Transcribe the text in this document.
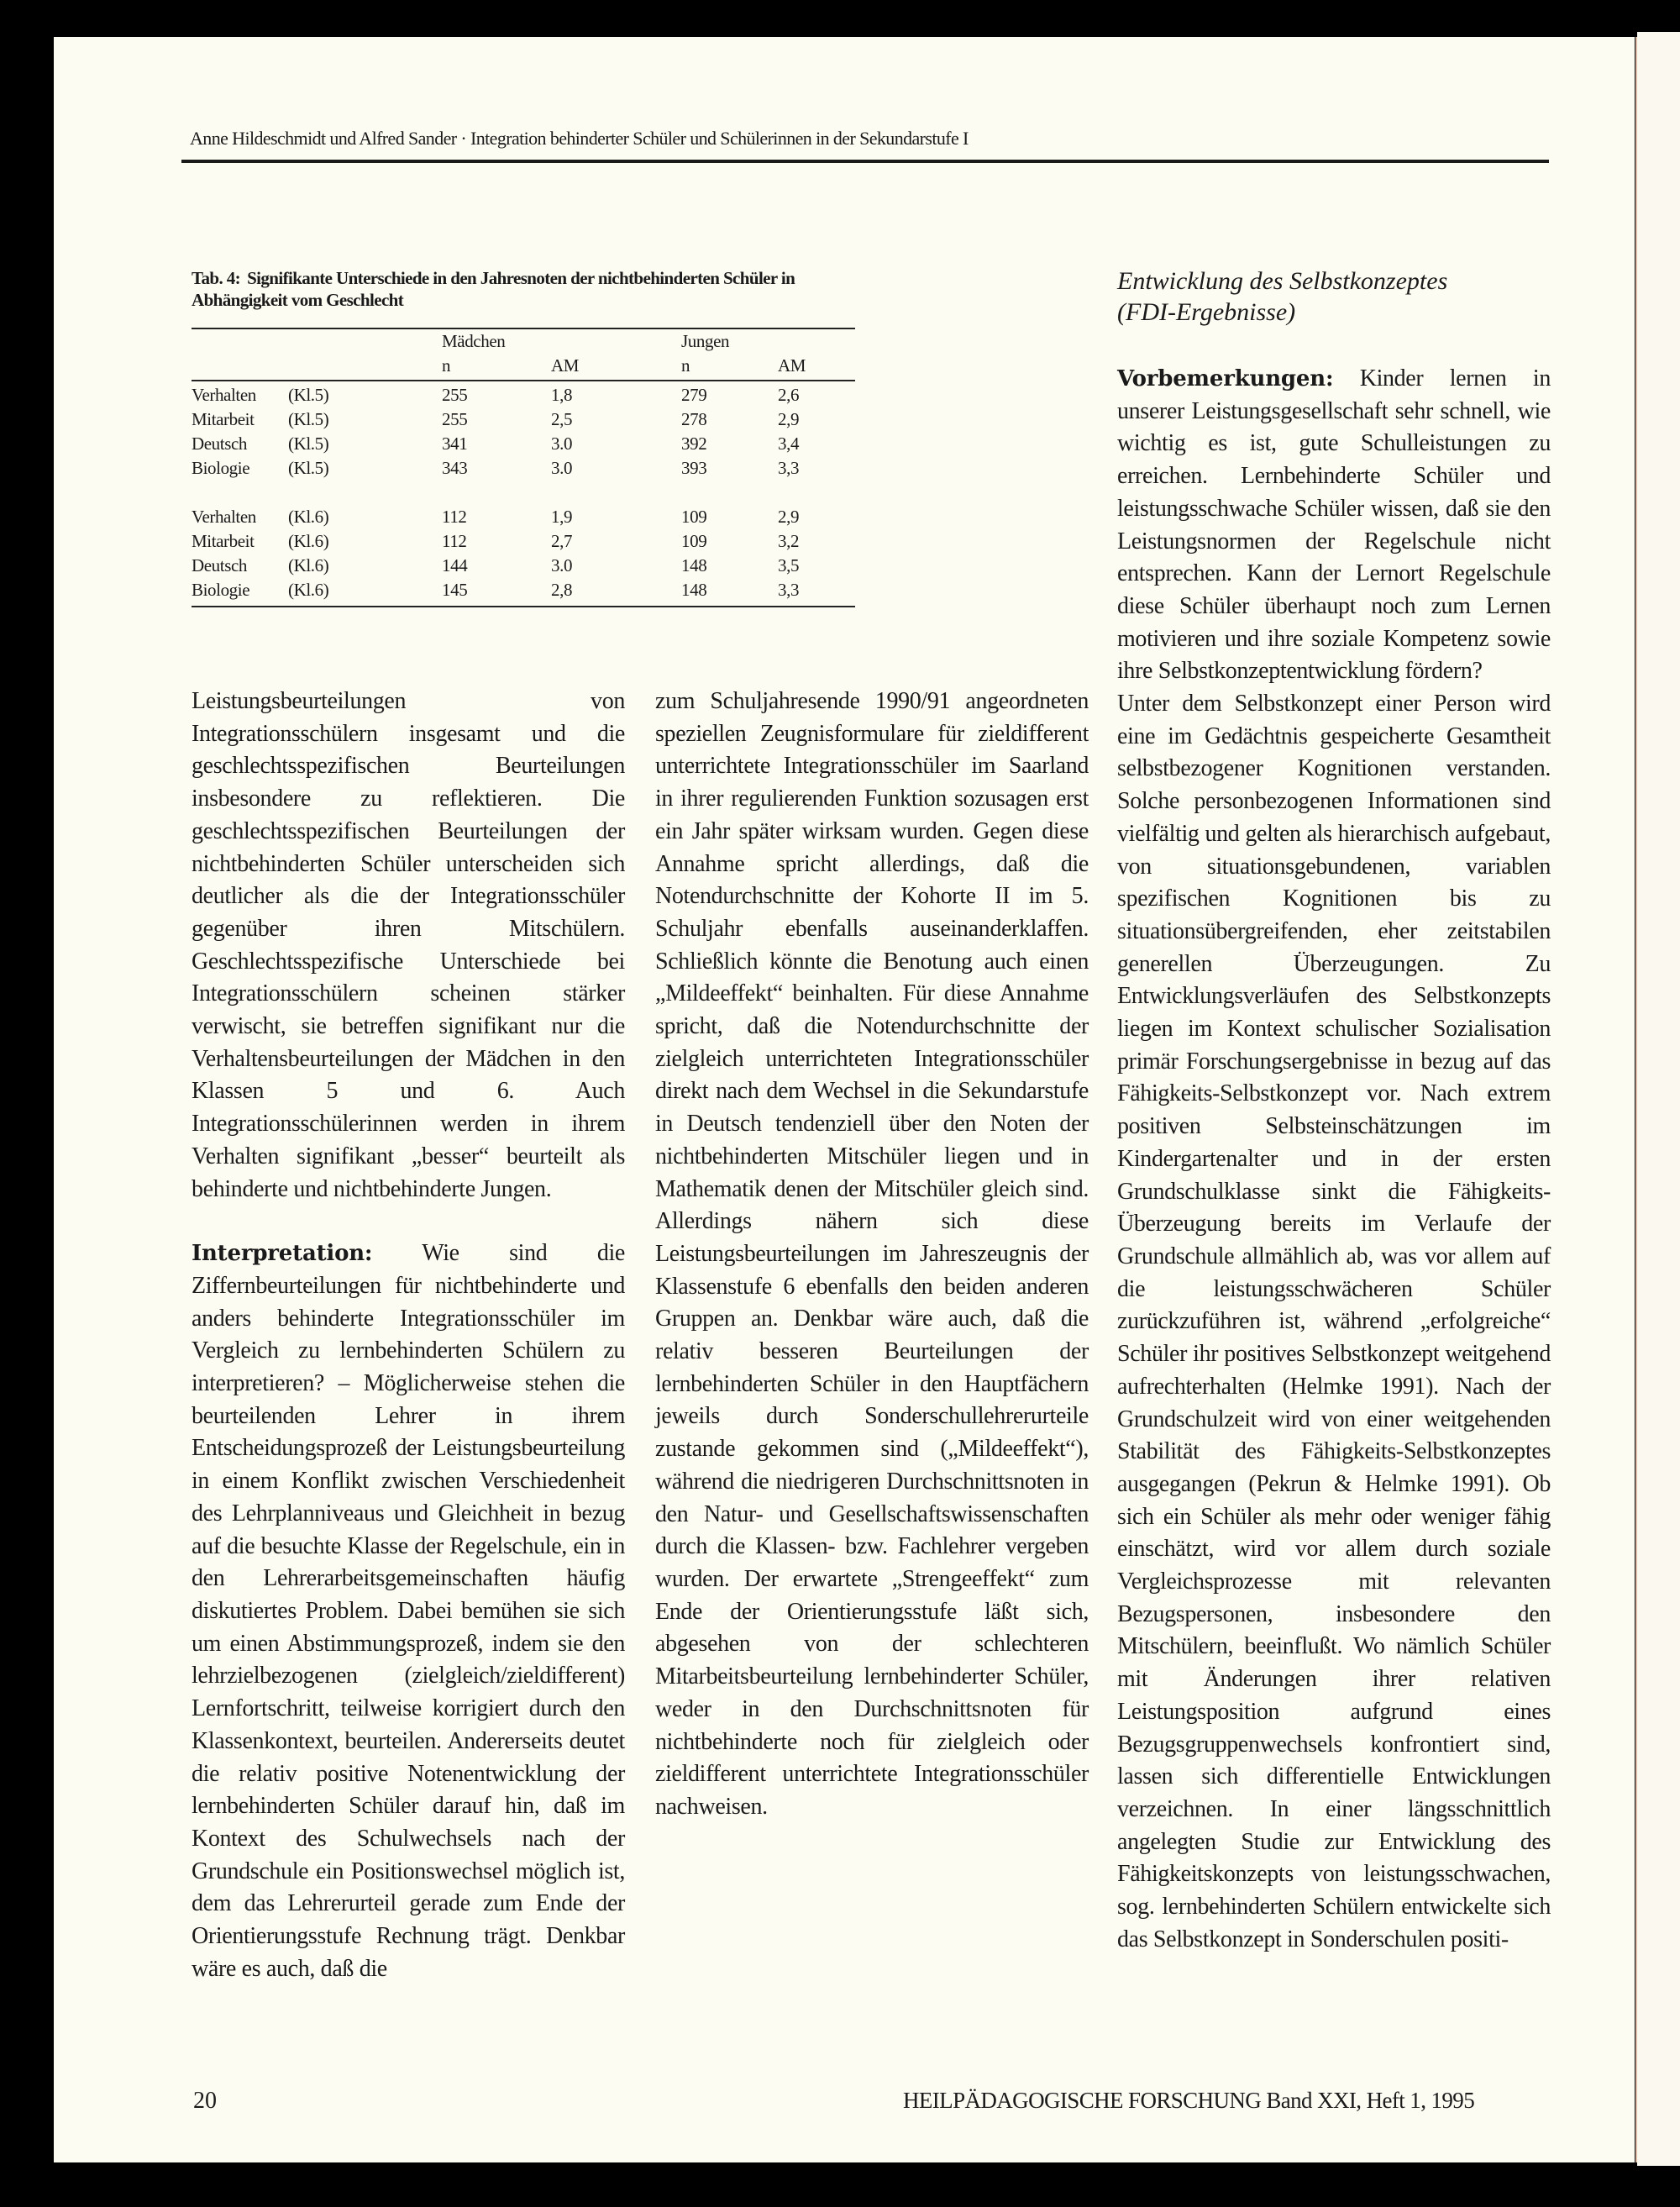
Anne Hildeschmidt und Alfred Sander · Integration behinderter Schüler und Schülerinnen in der Sekundarstufe I
Tab. 4: Signifikante Unterschiede in den Jahresnoten der nichtbehinderten Schüler in Abhängigkeit vom Geschlecht
		Mädchen		Jungen	
		n	AM	n	AM

Verhalten	(Kl.5)	255	1,8	279	2,6
Mitarbeit	(Kl.5)	255	2,5	278	2,9
Deutsch	(Kl.5)	341	3.0	392	3,4
Biologie	(Kl.5)	343	3.0	393	3,3

Verhalten	(Kl.6)	112	1,9	109	2,9
Mitarbeit	(Kl.6)	112	2,7	109	3,2
Deutsch	(Kl.6)	144	3.0	148	3,5
Biologie	(Kl.6)	145	2,8	148	3,3

Leistungsbeurteilungen von Integrationsschülern insgesamt und die geschlechtsspezifischen Beurteilungen insbesondere zu reflektieren. Die geschlechtsspezifischen Beurteilungen der nichtbehinderten Schüler unterscheiden sich deutlicher als die der Integrationsschüler gegenüber ihren Mitschülern. Geschlechtsspezifische Unterschiede bei Integrationsschülern scheinen stärker verwischt, sie betreffen signifikant nur die Verhaltensbeurteilungen der Mädchen in den Klassen 5 und 6. Auch Integrationsschülerinnen werden in ihrem Verhalten signifikant „besser“ beurteilt als behinderte und nichtbehinderte Jungen.

Interpretation: Wie sind die Ziffernbeurteilungen für nichtbehinderte und anders behinderte Integrationsschüler im Vergleich zu lernbehinderten Schülern zu interpretieren? – Möglicherweise stehen die beurteilenden Lehrer in ihrem Entscheidungsprozeß der Leistungsbeurteilung in einem Konflikt zwischen Verschiedenheit des Lehrplanniveaus und Gleichheit in bezug auf die besuchte Klasse der Regelschule, ein in den Lehrerarbeitsgemeinschaften häufig diskutiertes Problem. Dabei bemühen sie sich um einen Abstimmungsprozeß, indem sie den lehrzielbezogenen (zielgleich/zieldifferent) Lernfortschritt, teilweise korrigiert durch den Klassenkontext, beurteilen. Andererseits deutet die relativ positive Notenentwicklung der lernbehinderten Schüler darauf hin, daß im Kontext des Schulwechsels nach der Grundschule ein Positionswechsel möglich ist, dem das Lehrerurteil gerade zum Ende der Orientierungsstufe Rechnung trägt. Denkbar wäre es auch, daß die

zum Schuljahresende 1990/91 angeordneten speziellen Zeugnisformulare für zieldifferent unterrichtete Integrationsschüler im Saarland in ihrer regulierenden Funktion sozusagen erst ein Jahr später wirksam wurden. Gegen diese Annahme spricht allerdings, daß die Notendurchschnitte der Kohorte II im 5. Schuljahr ebenfalls auseinanderklaffen. Schließlich könnte die Benotung auch einen „Mildeeffekt“ beinhalten. Für diese Annahme spricht, daß die Notendurchschnitte der zielgleich unterrichteten Integrationsschüler direkt nach dem Wechsel in die Sekundarstufe in Deutsch tendenziell über den Noten der nichtbehinderten Mitschüler liegen und in Mathematik denen der Mitschüler gleich sind. Allerdings nähern sich diese Leistungsbeurteilungen im Jahreszeugnis der Klassenstufe 6 ebenfalls den beiden anderen Gruppen an. Denkbar wäre auch, daß die relativ besseren Beurteilungen der lernbehinderten Schüler in den Hauptfächern jeweils durch Sonderschullehrerurteile zustande gekommen sind („Mildeeffekt“), während die niedrigeren Durchschnittsnoten in den Natur- und Gesellschaftswissenschaften durch die Klassen- bzw. Fachlehrer vergeben wurden. Der erwartete „Strengeeffekt“ zum Ende der Orientierungsstufe läßt sich, abgesehen von der schlechteren Mitarbeitsbeurteilung lernbehinderter Schüler, weder in den Durchschnittsnoten für nichtbehinderte noch für zielgleich oder zieldifferent unterrichtete Integrationsschüler nachweisen.

Entwicklung des Selbstkonzeptes
(FDI-Ergebnisse)

Vorbemerkungen: Kinder lernen in unserer Leistungsgesellschaft sehr schnell, wie wichtig es ist, gute Schulleistungen zu erreichen. Lernbehinderte Schüler und leistungsschwache Schüler wissen, daß sie den Leistungsnormen der Regelschule nicht entsprechen. Kann der Lernort Regelschule diese Schüler überhaupt noch zum Lernen motivieren und ihre soziale Kompetenz sowie ihre Selbstkonzeptentwicklung fördern?

Unter dem Selbstkonzept einer Person wird eine im Gedächtnis gespeicherte Gesamtheit selbstbezogener Kognitionen verstanden. Solche personbezogenen Informationen sind vielfältig und gelten als hierarchisch aufgebaut, von situationsgebundenen, variablen spezifischen Kognitionen bis zu situationsübergreifenden, eher zeitstabilen generellen Überzeugungen. Zu Entwicklungsverläufen des Selbstkonzepts liegen im Kontext schulischer Sozialisation primär Forschungsergebnisse in bezug auf das Fähigkeits-Selbstkonzept vor. Nach extrem positiven Selbsteinschätzungen im Kindergartenalter und in der ersten Grundschulklasse sinkt die Fähigkeits-Überzeugung bereits im Verlaufe der Grundschule allmählich ab, was vor allem auf die leistungsschwächeren Schüler zurückzuführen ist, während „erfolgreiche“ Schüler ihr positives Selbstkonzept weitgehend aufrechterhalten (Helmke 1991). Nach der Grundschulzeit wird von einer weitgehenden Stabilität des Fähigkeits-Selbstkonzeptes ausgegangen (Pekrun & Helmke 1991). Ob sich ein Schüler als mehr oder weniger fähig einschätzt, wird vor allem durch soziale Vergleichsprozesse mit relevanten Bezugspersonen, insbesondere den Mitschülern, beeinflußt. Wo nämlich Schüler mit Änderungen ihrer relativen Leistungsposition aufgrund eines Bezugsgruppenwechsels konfrontiert sind, lassen sich differentielle Entwicklungen verzeichnen. In einer längsschnittlich angelegten Studie zur Entwicklung des Fähigkeitskonzepts von leistungsschwachen, sog. lernbehinderten Schülern entwickelte sich das Selbstkonzept in Sonderschulen positi-

20	HEILPÄDAGOGISCHE FORSCHUNG Band XXI, Heft 1, 1995
